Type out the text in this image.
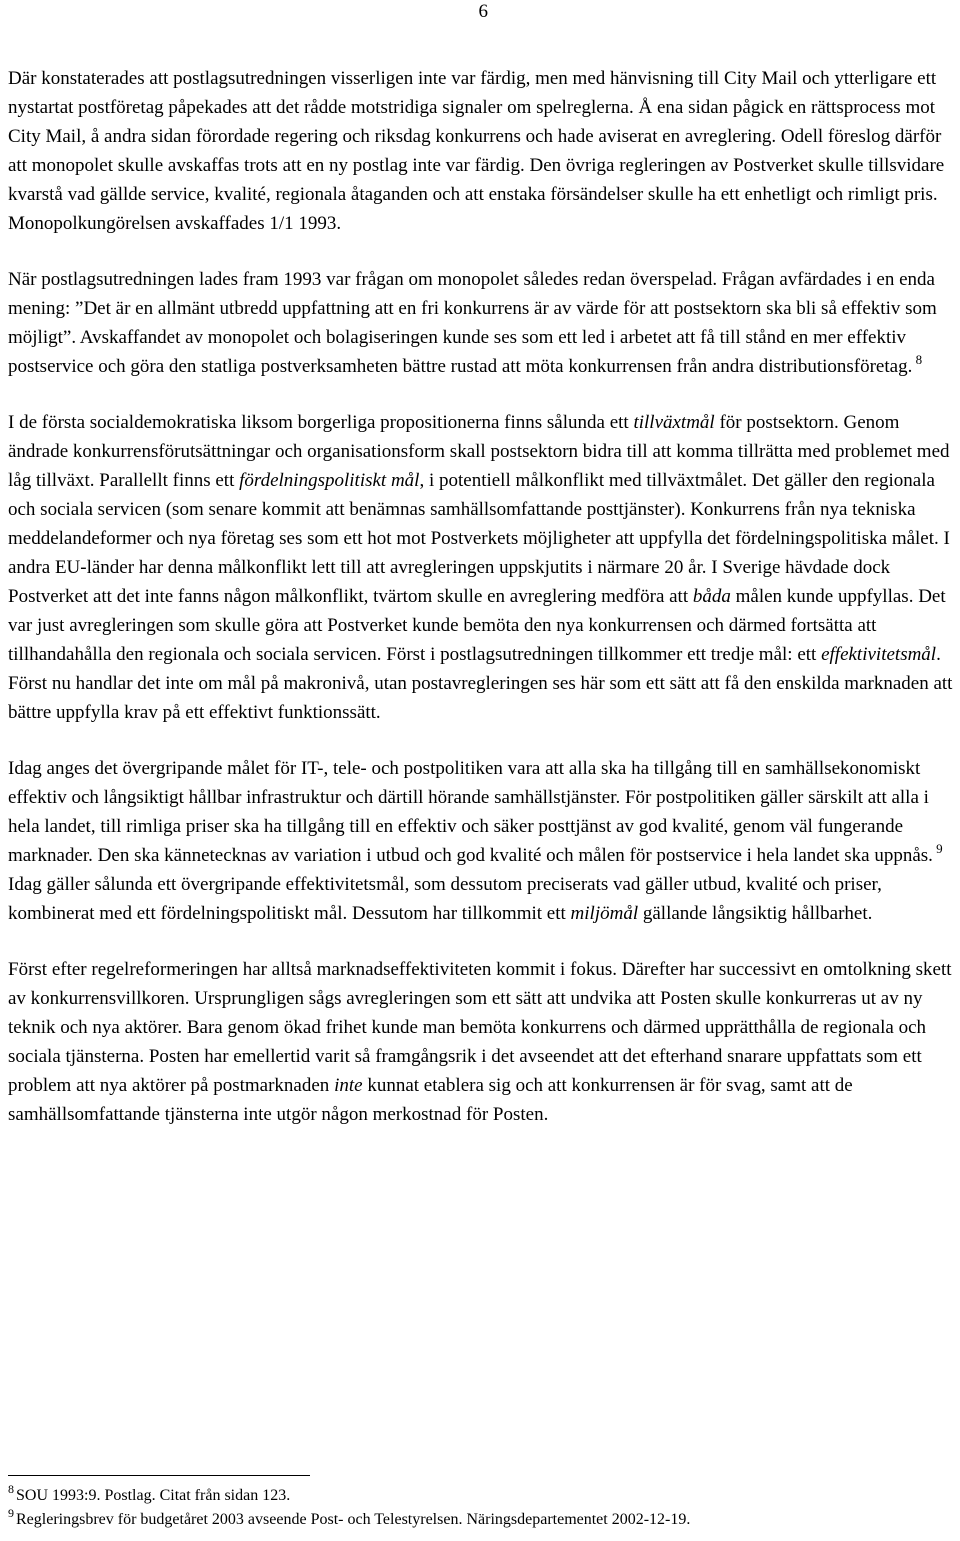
6

Där konstaterades att postlagsutredningen visserligen inte var färdig, men med hänvisning till City Mail och ytterligare ett nystartat postföretag påpekades att det rådde motstridiga signaler om spelreglerna. Å ena sidan pågick en rättsprocess mot City Mail, å andra sidan förordade regering och riksdag konkurrens och hade aviserat en avreglering. Odell föreslog därför att monopolet skulle avskaffas trots att en ny postlag inte var färdig. Den övriga regleringen av Postverket skulle tillsvidare kvarstå vad gällde service, kvalité, regionala åtaganden och att enstaka försändelser skulle ha ett enhetligt och rimligt pris. Monopolkungörelsen avskaffades 1/1 1993.

När postlagsutredningen lades fram 1993 var frågan om monopolet således redan överspelad. Frågan avfärdades i en enda mening: ”Det är en allmänt utbredd uppfattning att en fri konkurrens är av värde för att postsektorn ska bli så effektiv som möjligt”. Avskaffandet av monopolet och bolagiseringen kunde ses som ett led i arbetet att få till stånd en mer effektiv postservice och göra den statliga postverksamheten bättre rustad att möta konkurrensen från andra distributionsföretag. $^8$

I de första socialdemokratiska liksom borgerliga propositionerna finns sålunda ett tillväxtmål för postsektorn. Genom ändrade konkurrensförutsättningar och organisationsform skall postsektorn bidra till att komma tillrätta med problemet med låg tillväxt. Parallellt finns ett fördelningspolitiskt mål, i potentiell målkonflikt med tillväxtmålet. Det gäller den regionala och sociala servicen (som senare kommit att benämnas samhällsomfattande posttjänster). Konkurrens från nya tekniska meddelandeformer och nya företag ses som ett hot mot Postverkets möjligheter att uppfylla det fördelningspolitiska målet. I andra EU-länder har denna målkonflikt lett till att avregleringen uppskjutits i närmare 20 år. I Sverige hävdade dock Postverket att det inte fanns någon målkonflikt, tvärtom skulle en avreglering medföra att båda målen kunde uppfyllas. Det var just avregleringen som skulle göra att Postverket kunde bemöta den nya konkurrensen och därmed fortsätta att tillhandahålla den regionala och sociala servicen. Först i postlagsutredningen tillkommer ett tredje mål: ett effektivitetsmål. Först nu handlar det inte om mål på makronivå, utan postavregleringen ses här som ett sätt att få den enskilda marknaden att bättre uppfylla krav på ett effektivt funktionssätt.

Idag anges det övergripande målet för IT-, tele- och postpolitiken vara att alla ska ha tillgång till en samhällsekonomiskt effektiv och långsiktigt hållbar infrastruktur och därtill hörande samhällstjänster. För postpolitiken gäller särskilt att alla i hela landet, till rimliga priser ska ha tillgång till en effektiv och säker posttjänst av god kvalité, genom väl fungerande marknader. Den ska kännetecknas av variation i utbud och god kvalité och målen för postservice i hela landet ska uppnås. $^9$ Idag gäller sålunda ett övergripande effektivitetsmål, som dessutom preciserats vad gäller utbud, kvalité och priser, kombinerat med ett fördelningspolitiskt mål. Dessutom har tillkommit ett miljömål gällande långsiktig hållbarhet.

Först efter regelreformeringen har alltså marknadseffektiviteten kommit i fokus. Därefter har successivt en omtolkning skett av konkurrensvillkoren. Ursprungligen sågs avregleringen som ett sätt att undvika att Posten skulle konkurreras ut av ny teknik och nya aktörer. Bara genom ökad frihet kunde man bemöta konkurrens och därmed upprätthålla de regionala och sociala tjänsterna. Posten har emellertid varit så framgångsrik i det avseendet att det efterhand snarare uppfattats som ett problem att nya aktörer på postmarknaden inte kunnat etablera sig och att konkurrensen är för svag, samt att de samhällsomfattande tjänsterna inte utgör någon merkostnad för Posten.

$^8$ SOU 1993:9. Postlag. Citat från sidan 123.

$^9$ Regleringsbrev för budgetåret 2003 avseende Post- och Telestyrelsen. Näringsdepartementet 2002-12-19.
